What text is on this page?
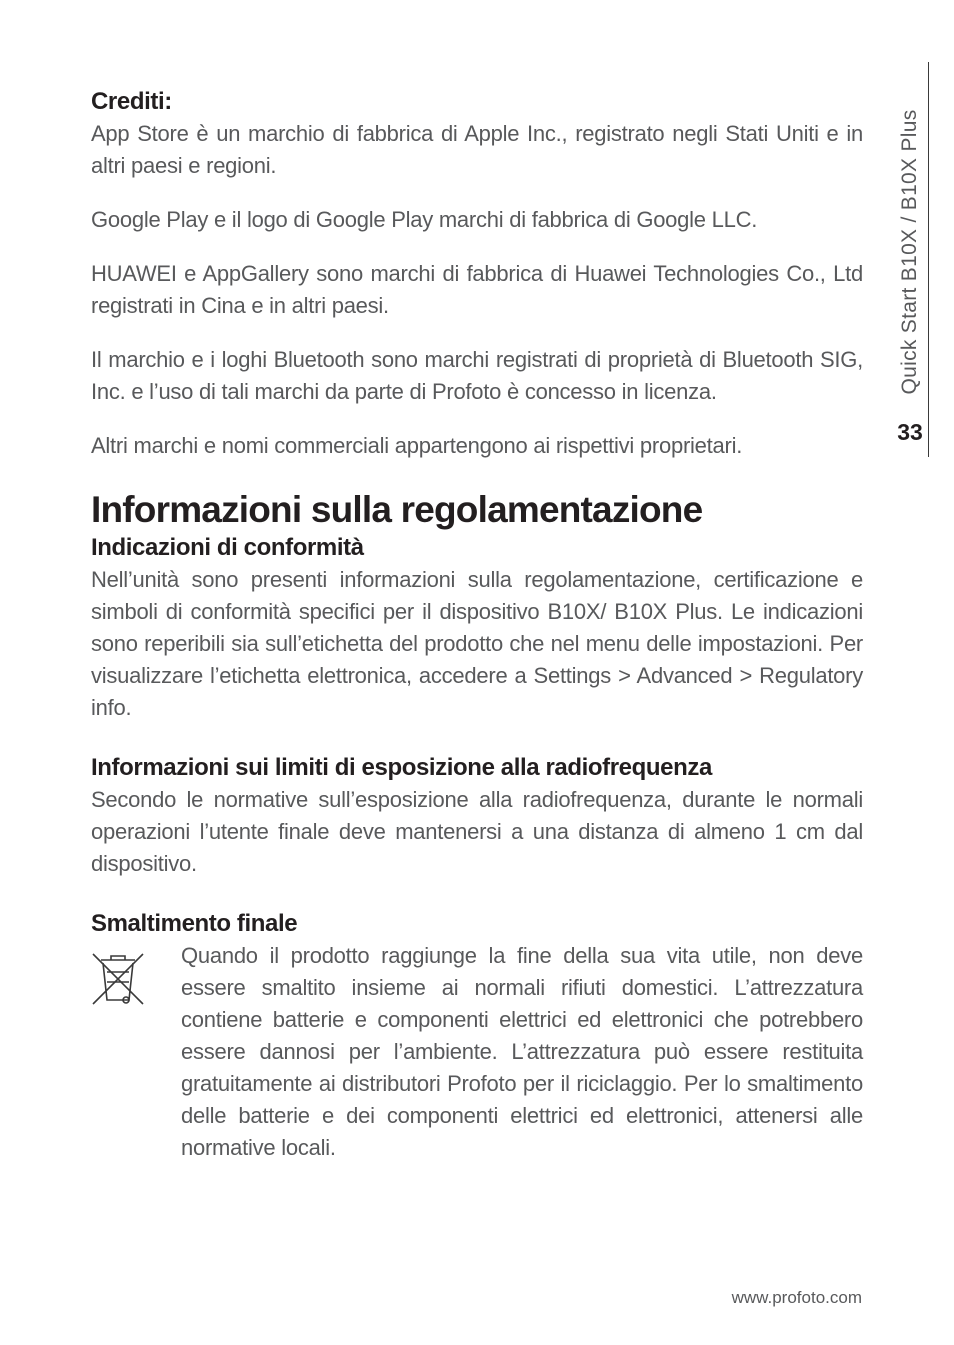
Quick Start B10X / B10X Plus
33
Crediti:

App Store è un marchio di fabbrica di Apple Inc., registrato negli Stati Uniti e in altri paesi e regioni.

Google Play e il logo di Google Play marchi di fabbrica di Google LLC.

HUAWEI e AppGallery sono marchi di fabbrica di Huawei Technologies Co., Ltd registrati in Cina e in altri paesi.

Il marchio e i loghi Bluetooth sono marchi registrati di proprietà di Bluetooth SIG, Inc. e l’uso di tali marchi da parte di Profoto è concesso in licenza.

Altri marchi e nomi commerciali appartengono ai rispettivi proprietari.

Informazioni sulla regolamentazione
Indicazioni di conformità

Nell’unità sono presenti informazioni sulla regolamentazione, certificazione e simboli di conformità specifici per il dispositivo B10X/ B10X Plus. Le indicazioni sono reperibili sia sull’etichetta del prodotto che nel menu delle impostazioni. Per visualizzare l’etichetta elettronica, accedere a Settings > Advanced > Regulatory info.

Informazioni sui limiti di esposizione alla radiofrequenza

Secondo le normative sull’esposizione alla radiofrequenza, durante le normali operazioni l’utente finale deve mantenersi a una distanza di almeno 1 cm dal dispositivo.

Smaltimento finale

Quando il prodotto raggiunge la fine della sua vita utile, non deve essere smaltito insieme ai normali rifiuti domestici. L’attrezzatura contiene batterie e componenti elettrici ed elettronici che potrebbero essere dannosi per l’ambiente. L’attrezzatura può essere restituita gratuitamente ai distributori Profoto per il riciclaggio. Per lo smaltimento delle batterie e dei componenti elettrici ed elettronici, attenersi alle normative locali.

www.profoto.com
